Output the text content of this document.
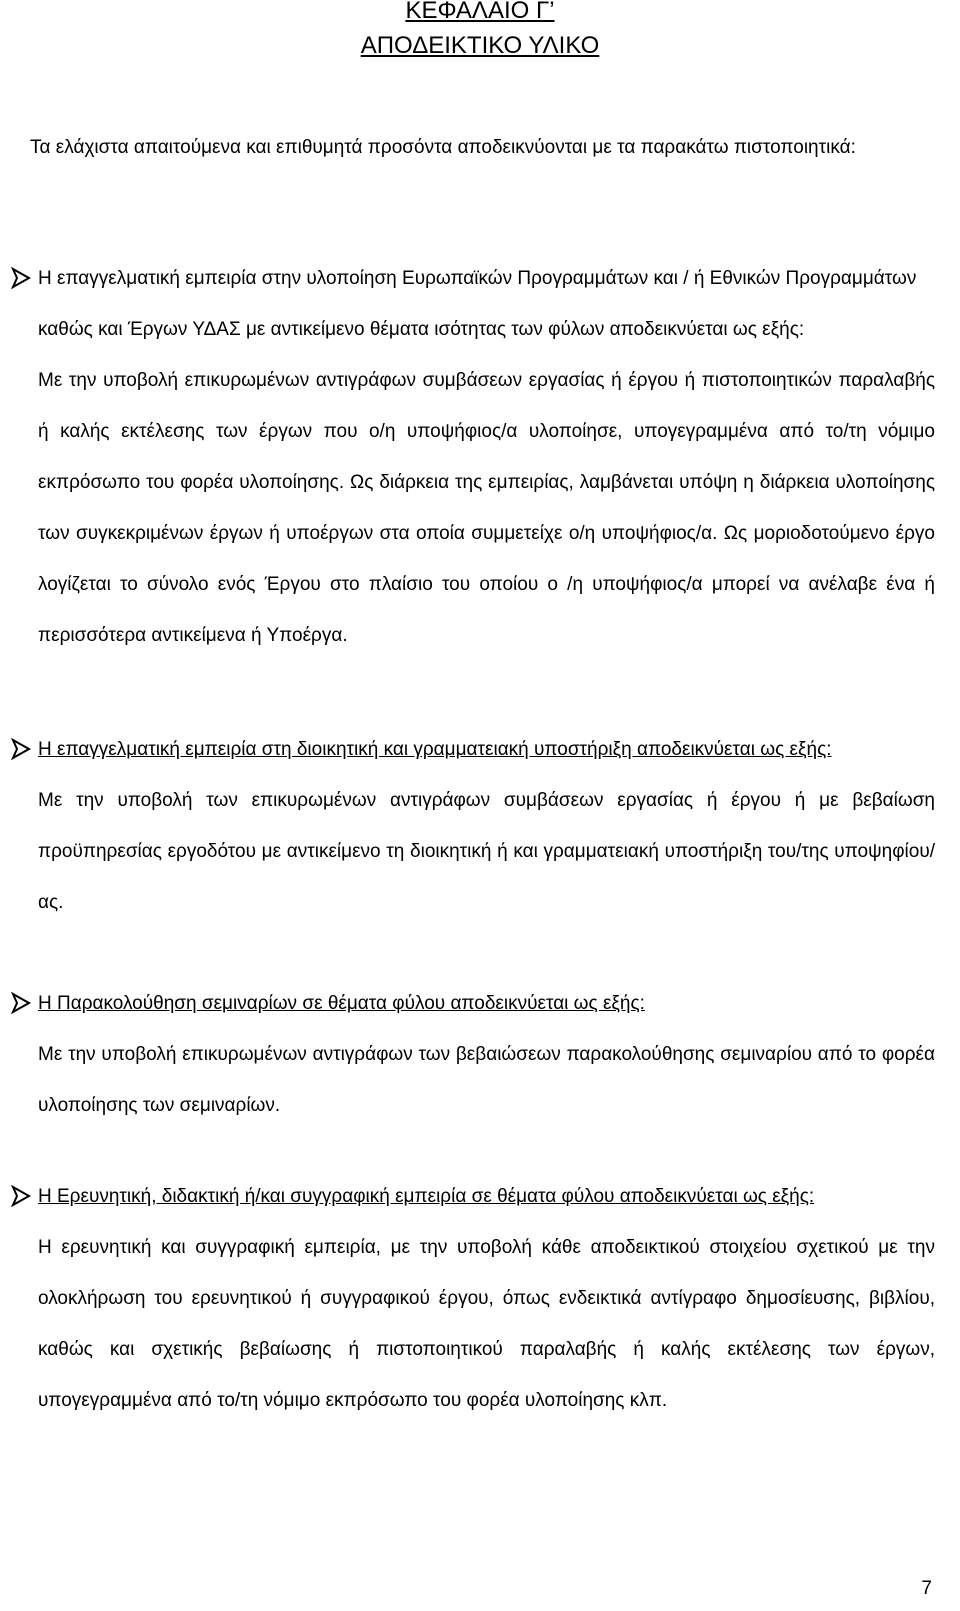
ΚΕΦΑΛΑΙΟ Γ’
ΑΠΟΔΕΙΚΤΙΚΟ ΥΛΙΚΟ

Τα ελάχιστα απαιτούμενα και επιθυμητά προσόντα αποδεικνύονται με τα παρακάτω πιστοποιητικά:

Η επαγγελματική εμπειρία στην υλοποίηση Ευρωπαϊκών Προγραμμάτων και / ή Εθνικών Προγραμμάτων καθώς και Έργων ΥΔΑΣ με αντικείμενο θέματα ισότητας των φύλων αποδεικνύεται ως εξής:

Με την υποβολή επικυρωμένων αντιγράφων συμβάσεων εργασίας ή έργου ή πιστοποιητικών παραλαβής ή καλής εκτέλεσης των έργων που ο/η υποψήφιος/α υλοποίησε, υπογεγραμμένα από το/τη νόμιμο εκπρόσωπο του φορέα υλοποίησης. Ως διάρκεια της εμπειρίας, λαμβάνεται υπόψη η διάρκεια υλοποίησης των συγκεκριμένων έργων ή υποέργων στα οποία συμμετείχε ο/η υποψήφιος/α. Ως μοριοδοτούμενο έργο λογίζεται το σύνολο ενός Έργου στο πλαίσιο του οποίου ο /η υποψήφιος/α μπορεί να ανέλαβε ένα ή περισσότερα αντικείμενα ή Υποέργα.

Η επαγγελματική εμπειρία στη διοικητική και γραμματειακή υποστήριξη αποδεικνύεται ως εξής:

Με την υποβολή των επικυρωμένων αντιγράφων συμβάσεων εργασίας ή έργου ή με βεβαίωση προϋπηρεσίας εργοδότου με αντικείμενο τη διοικητική ή και γραμματειακή υποστήριξη του/της υποψηφίου/ας.

Η Παρακολούθηση σεμιναρίων σε θέματα φύλου αποδεικνύεται ως εξής:

Με την υποβολή επικυρωμένων αντιγράφων των βεβαιώσεων παρακολούθησης σεμιναρίου από το φορέα υλοποίησης των σεμιναρίων.

Η Ερευνητική, διδακτική ή/και συγγραφική εμπειρία σε θέματα φύλου αποδεικνύεται ως εξής:

Η ερευνητική και συγγραφική εμπειρία, με την υποβολή κάθε αποδεικτικού στοιχείου σχετικού με την ολοκλήρωση του ερευνητικού ή συγγραφικού έργου, όπως ενδεικτικά αντίγραφο δημοσίευσης, βιβλίου, καθώς και σχετικής βεβαίωσης ή πιστοποιητικού παραλαβής ή καλής εκτέλεσης των έργων, υπογεγραμμένα από το/τη νόμιμο εκπρόσωπο του φορέα υλοποίησης κλπ.

7
